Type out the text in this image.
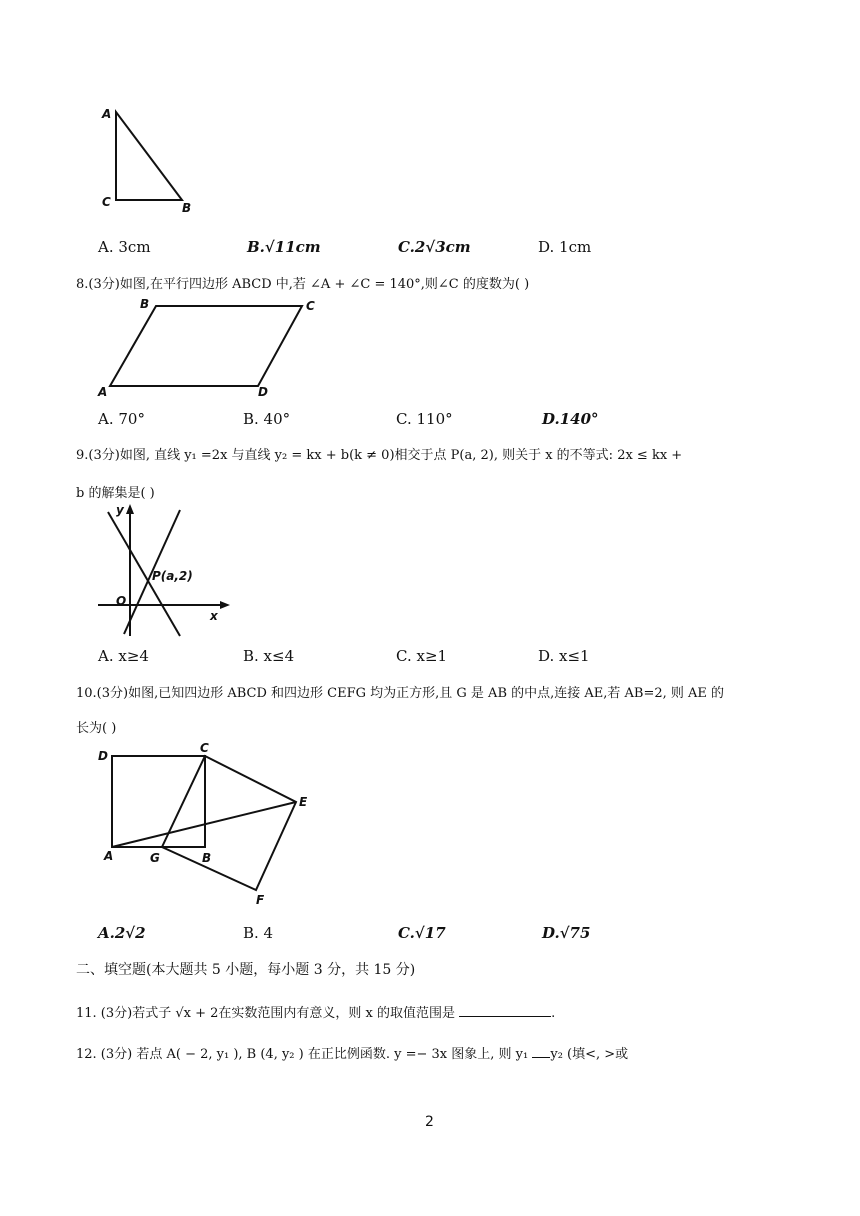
A
C	B
A. 3cm	B.√11cm	C.2√3cm	D. 1cm
8.(3分)如图,在平行四边形 ABCD 中,若 ∠A + ∠C = 140°,则∠C 的度数为( )
B	C
A	D
A. 70°	B. 40°	C. 110°	D.140°
9.(3分)如图, 直线 y₁ =2x 与直线 y₂ = kx + b(k ≠ 0)相交于点 P(a, 2), 则关于 x 的不等式: 2x ≤ kx +
b 的解集是( )
y
x
O
P(a,2)
A. x≥4	B. x≤4	C. x≥1	D. x≤1
10.(3分)如图,已知四边形 ABCD 和四边形 CEFG 均为正方形,且 G 是 AB 的中点,连接 AE,若 AB=2, 则 AE 的
长为( )
D
C
E
A	G	B
F
A.2√2	B. 4	C.√17	D.√75
二、填空题(本大题共 5 小题，每小题 3 分，共 15 分)
11. (3分)若式子 √x + 2在实数范围内有意义，则 x 的取值范围是	.
12. (3分) 若点 A( − 2, y₁ ), B (4, y₂ ) 在正比例函数. y =− 3x 图象上, 则 y₁ y₂ (填<, >或
2
